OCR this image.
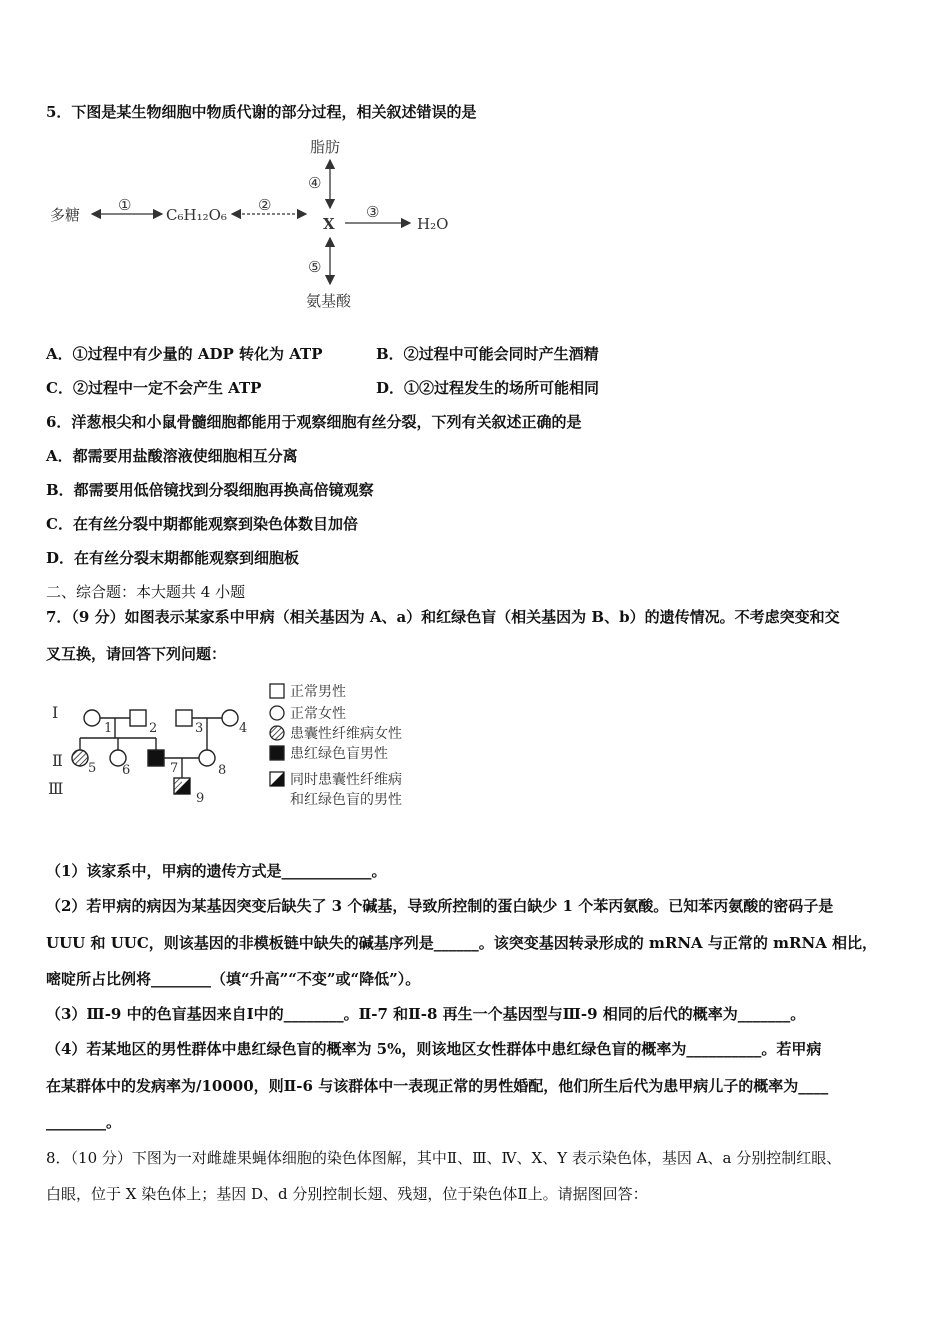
5．下图是某生物细胞中物质代谢的部分过程，相关叙述错误的是
多糖
①
C₆H₁₂O₆
②
X
脂肪
④
③
H₂O
⑤
氨基酸
A．①过程中有少量的 ADP 转化为 ATP	B．②过程中可能会同时产生酒精
C．②过程中一定不会产生 ATP	D．①②过程发生的场所可能相同
6．洋葱根尖和小鼠骨髓细胞都能用于观察细胞有丝分裂，下列有关叙述正确的是
A．都需要用盐酸溶液使细胞相互分离
B．都需要用低倍镜找到分裂细胞再换高倍镜观察
C．在有丝分裂中期都能观察到染色体数目加倍
D．在有丝分裂末期都能观察到细胞板
二、综合题：本大题共 4 小题
7．（9 分）如图表示某家系中甲病（相关基因为 A、a）和红绿色盲（相关基因为 B、b）的遗传情况。不考虑突变和交
叉互换，请回答下列问题：
Ⅰ
Ⅱ
Ⅲ
1	2	3	4
5 6	7	8
9
正常男性
正常女性
患囊性纤维病女性
患红绿色盲男性
同时患囊性纤维病
和红绿色盲的男性
（1）该家系中，甲病的遗传方式是____________。
（2）若甲病的病因为某基因突变后缺失了 3 个碱基，导致所控制的蛋白缺少 1 个苯丙氨酸。已知苯丙氨酸的密码子是
UUU 和 UUC，则该基因的非模板链中缺失的碱基序列是______。该突变基因转录形成的 mRNA 与正常的 mRNA 相比，
嘧啶所占比例将________（填“升高”“不变”或“降低”）。
（3）Ⅲ-9 中的色盲基因来自Ⅰ中的________。Ⅱ-7 和Ⅱ-8 再生一个基因型与Ⅲ-9 相同的后代的概率为_______。
（4）若某地区的男性群体中患红绿色盲的概率为 5%，则该地区女性群体中患红绿色盲的概率为__________。若甲病
在某群体中的发病率为/10000，则Ⅱ-6 与该群体中一表现正常的男性婚配，他们所生后代为患甲病儿子的概率为____
________。
8．（10 分）下图为一对雌雄果蝇体细胞的染色体图解，其中Ⅱ、Ⅲ、Ⅳ、X、Y 表示染色体，基因 A、a 分别控制红眼、
白眼，位于 X 染色体上；基因 D、d 分别控制长翅、残翅，位于染色体Ⅱ上。请据图回答：
